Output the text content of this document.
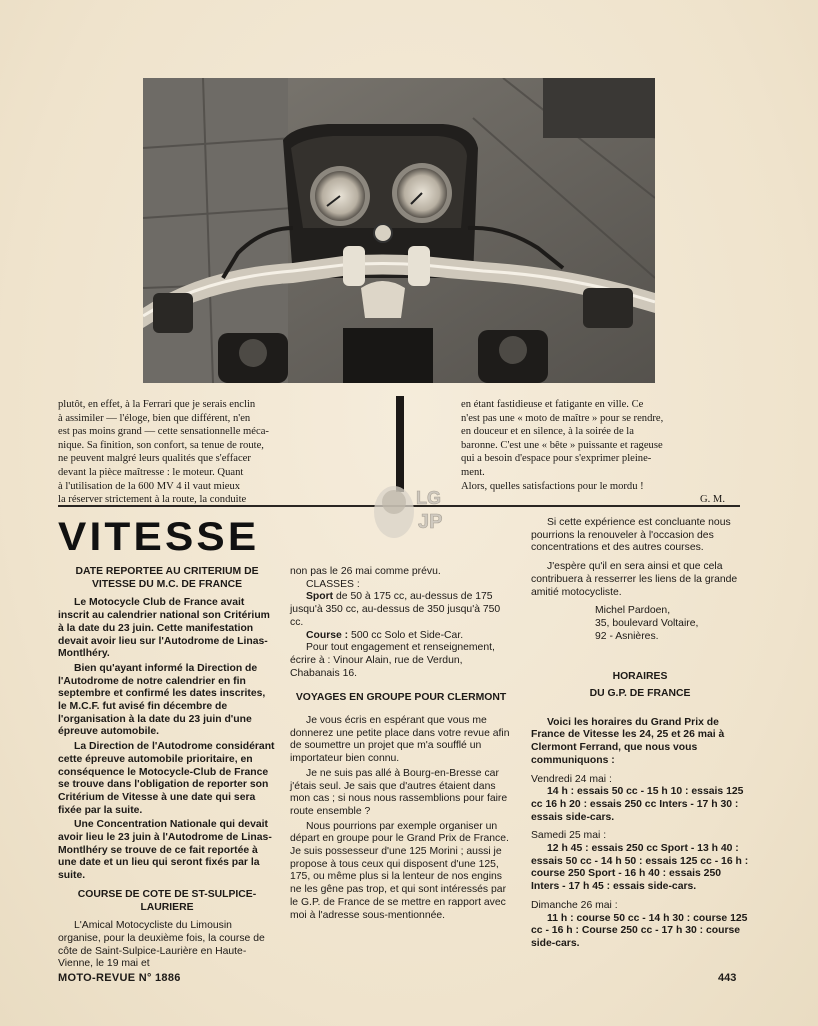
plutôt, en effet, à la Ferrari que je serais enclin

à assimiler — l'éloge, bien que différent, n'en

est pas moins grand — cette sensationnelle méca-

nique. Sa finition, son confort, sa tenue de route,

ne peuvent malgré leurs qualités que s'effacer

devant la pièce maîtresse : le moteur. Quant

à l'utilisation de la 600 MV 4 il vaut mieux

la réserver strictement à la route, la conduite

en étant fastidieuse et fatigante en ville. Ce

n'est pas une « moto de maître » pour se rendre,

en douceur et en silence, à la soirée de la

baronne. C'est une « bête » puissante et rageuse

qui a besoin d'espace pour s'exprimer pleine-

ment.

Alors, quelles satisfactions pour le mordu !

G. M.

LG
JP
VITESSE
DATE REPORTEE AU CRITERIUM DE VITESSE DU M.C. DE FRANCE

Le Motocycle Club de France avait inscrit au calendrier national son Critérium à la date du 23 juin. Cette manifestation devait avoir lieu sur l'Autodrome de Linas-Montlhéry.

Bien qu'ayant informé la Direction de l'Autodrome de notre calendrier en fin septembre et confirmé les dates inscrites, le M.C.F. fut avisé fin décembre de l'organisation à la date du 23 juin d'une épreuve automobile.

La Direction de l'Autodrome considérant cette épreuve automobile prioritaire, en conséquence le Motocycle-Club de France se trouve dans l'obligation de reporter son Critérium de Vitesse à une date qui sera fixée par la suite.

Une Concentration Nationale qui devait avoir lieu le 23 juin à l'Autodrome de Linas-Montlhéry se trouve de ce fait reportée à une date et un lieu qui seront fixés par la suite.

COURSE DE COTE DE ST-SULPICE-LAURIERE

L'Amical Motocycliste du Limousin organise, pour la deuxième fois, la course de côte de Saint-Sulpice-Laurière en Haute-Vienne, le 19 mai et

non pas le 26 mai comme prévu.

CLASSES :

Sport de 50 à 175 cc, au-dessus de 175 jusqu'à 350 cc, au-dessus de 350 jusqu'à 750 cc.

Course : 500 cc Solo et Side-Car.

Pour tout engagement et renseignement, écrire à : Vinour Alain, rue de Verdun, Chabanais 16.

VOYAGES EN GROUPE POUR CLERMONT

Je vous écris en espérant que vous me donnerez une petite place dans votre revue afin de soumettre un projet que m'a soufflé un importateur bien connu.

Je ne suis pas allé à Bourg-en-Bresse car j'étais seul. Je sais que d'autres étaient dans mon cas ; si nous nous rassemblions pour faire route ensemble ?

Nous pourrions par exemple organiser un départ en groupe pour le Grand Prix de France. Je suis possesseur d'une 125 Morini ; aussi je propose à tous ceux qui disposent d'une 125, 175, ou même plus si la lenteur de nos engins ne les gêne pas trop, et qui sont intéressés par le G.P. de France de se mettre en rapport avec moi à l'adresse sous-mentionnée.

Si cette expérience est concluante nous pourrions la renouveler à l'occasion des concentrations et des autres courses.

J'espère qu'il en sera ainsi et que cela contribuera à resserrer les liens de la grande amitié motocycliste.

Michel Pardoen,

35, boulevard Voltaire,

92 - Asnières.

HORAIRES
DU G.P. DE FRANCE

Voici les horaires du Grand Prix de France de Vitesse les 24, 25 et 26 mai à Clermont Ferrand, que nous vous communiquons :

Vendredi 24 mai :

14 h : essais 50 cc - 15 h 10 : essais 125 cc 16 h 20 : essais 250 cc Inters - 17 h 30 : essais side-cars.

Samedi 25 mai :

12 h 45 : essais 250 cc Sport - 13 h 40 : essais 50 cc - 14 h 50 : essais 125 cc - 16 h : course 250 Sport - 16 h 40 : essais 250 Inters - 17 h 45 : essais side-cars.

Dimanche 26 mai :

11 h : course 50 cc - 14 h 30 : course 125 cc - 16 h : Course 250 cc - 17 h 30 : course side-cars.

MOTO-REVUE N° 1886	443
